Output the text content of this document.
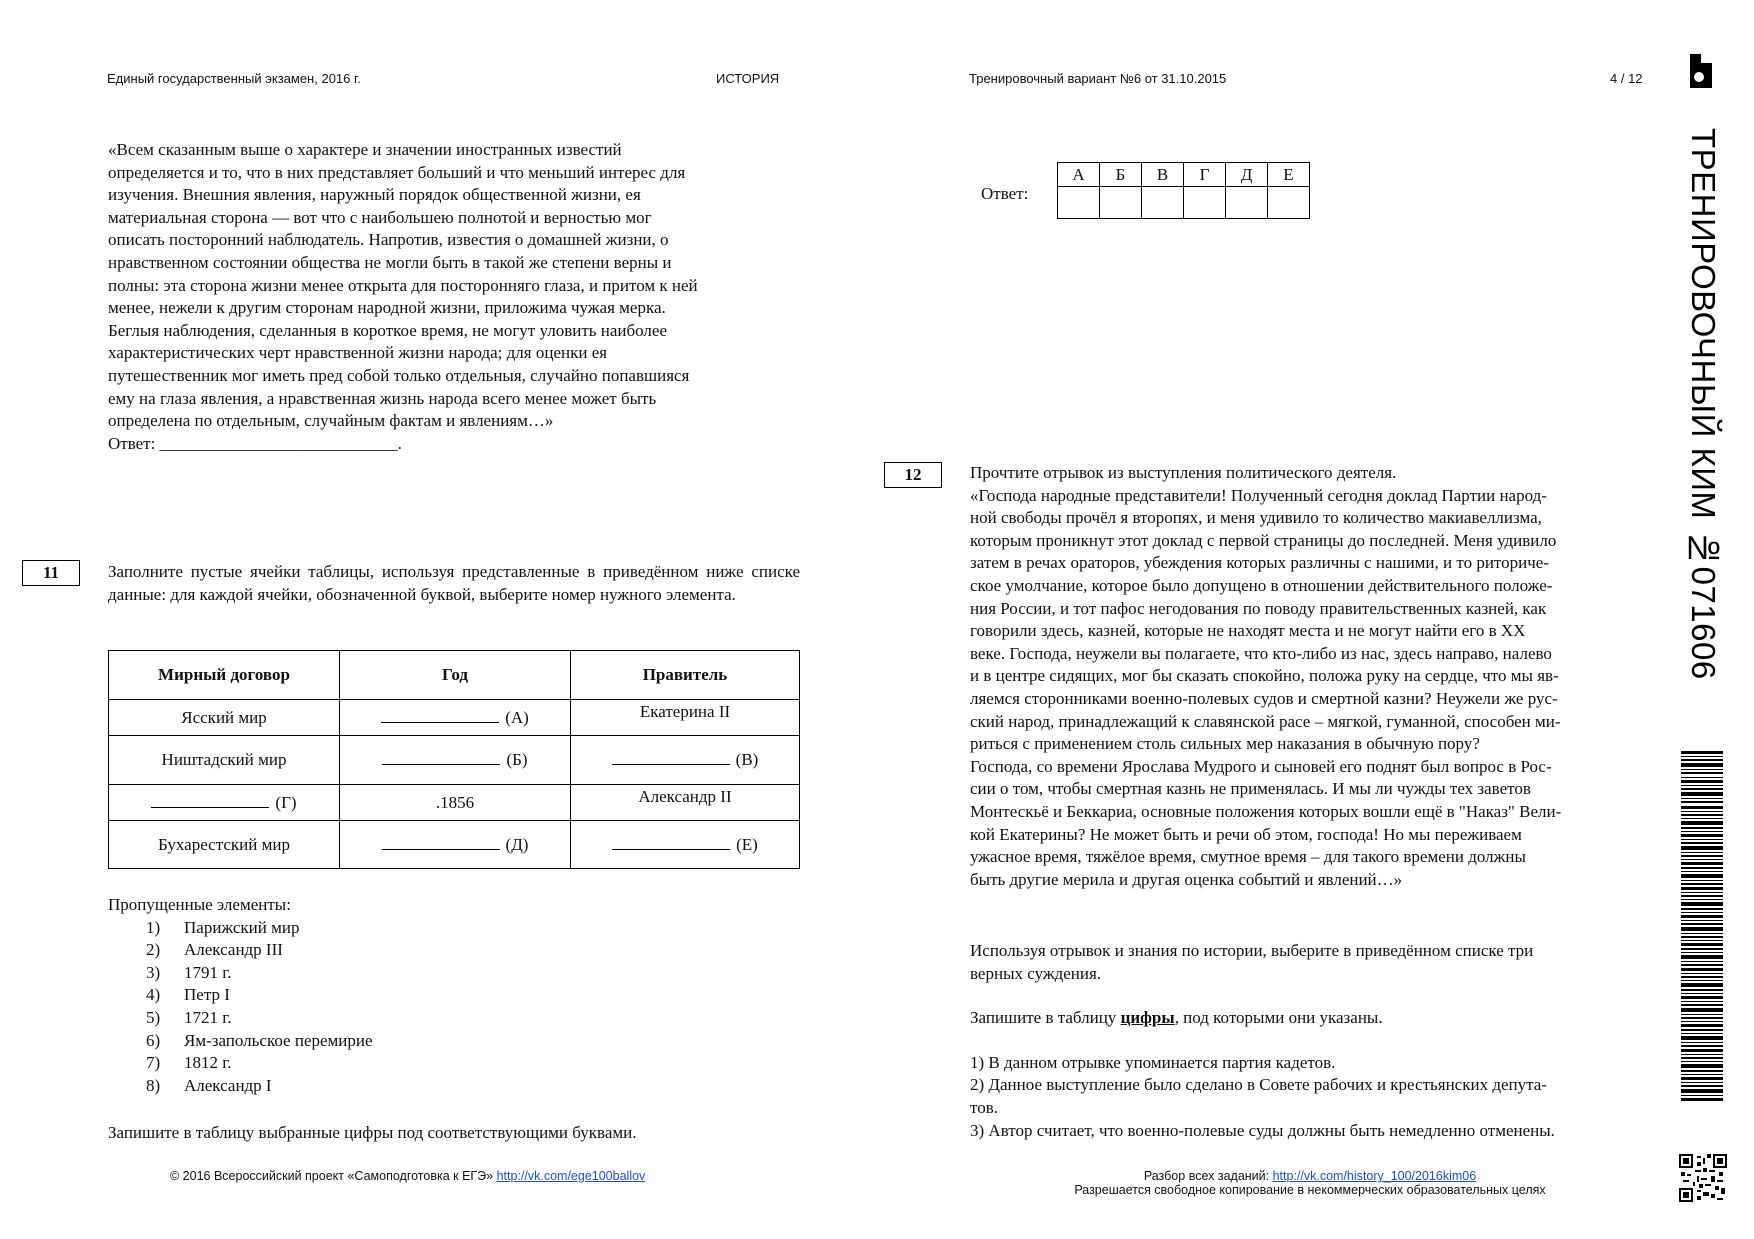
Единый государственный экзамен, 2016 г.	ИСТОРИЯ	Тренировочный вариант №6 от 31.10.2015	4 / 12
«Всем сказанным выше о характере и значении иностранных известий
определяется и то, что в них представляет больший и что меньший интерес для
изучения. Внешния явления, наружный порядок общественной жизни, ея
материальная сторона — вот что с наибольшею полнотой и верностью мог
описать посторонний наблюдатель. Напротив, известия о домашней жизни, о
нравственном состоянии общества не могли быть в такой же степени верны и
полны: эта сторона жизни менее открыта для посторонняго глаза, и притом к ней
менее, нежели к другим сторонам народной жизни, приложима чужая мерка.
Беглыя наблюдения, сделанныя в короткое время, не могут уловить наиболее
характеристических черт нравственной жизни народа; для оценки ея
путешественник мог иметь пред собой только отдельныя, случайно попавшияся
ему на глаза явления, а нравственная жизнь народа всего менее может быть
определена по отдельным, случайным фактам и явлениям…»
Ответ: ____________________________.
11	Заполните пустые ячейки таблицы, используя представленные в приведённом ниже списке данные: для каждой ячейки, обозначенной буквой, выберите номер нужного элемента.
Мирный договор	Год	Правитель
Ясский мир	(А)	Екатерина II
Ништадский мир	(Б)	(В)
(Г)	.1856	Александр II
Бухарестский мир	(Д)	(Е)
Пропущенные элементы:
1) Парижский мир
2) Александр III
3) 1791 г.
4) Петр I
5) 1721 г.
6) Ям-запольское перемирие
7) 1812 г.
8) Александр I
Запишите в таблицу выбранные цифры под соответствующими буквами.
Ответ:
А	Б	В	Г	Д	Е

12	Прочтите отрывок из выступления политического деятеля.
«Господа народные представители! Полученный сегодня доклад Партии народ-
ной свободы прочёл я второпях, и меня удивило то количество макиавеллизма,
которым проникнут этот доклад с первой страницы до последней. Меня удивило
затем в речах ораторов, убеждения которых различны с нашими, и то риториче-
ское умолчание, которое было допущено в отношении действительного положе-
ния России, и тот пафос негодования по поводу правительственных казней, как
говорили здесь, казней, которые не находят места и не могут найти его в XX
веке. Господа, неужели вы полагаете, что кто-либо из нас, здесь направо, налево
и в центре сидящих, мог бы сказать спокойно, положа руку на сердце, что мы яв-
ляемся сторонниками военно-полевых судов и смертной казни? Неужели же рус-
ский народ, принадлежащий к славянской расе – мягкой, гуманной, способен ми-
риться с применением столь сильных мер наказания в обычную пору?
Господа, со времени Ярослава Мудрого и сыновей его поднят был вопрос в Рос-
сии о том, чтобы смертная казнь не применялась. И мы ли чужды тех заветов
Монтескьё и Беккариа, основные положения которых вошли ещё в "Наказ" Вели-
кой Екатерины? Не может быть и речи об этом, господа! Но мы переживаем
ужасное время, тяжёлое время, смутное время – для такого времени должны
быть другие мерила и другая оценка событий и явлений…»
Используя отрывок и знания по истории, выберите в приведённом списке три
верных суждения.
Запишите в таблицу цифры, под которыми они указаны.
1) В данном отрывке упоминается партия кадетов.
2) Данное выступление было сделано в Совете рабочих и крестьянских депута-
тов.
3) Автор считает, что военно-полевые суды должны быть немедленно отменены.
© 2016 Всероссийский проект «Самоподготовка к ЕГЭ» http://vk.com/ege100ballov	Разбор всех заданий: http://vk.com/history_100/2016kim06
Разрешается свободное копирование в некоммерческих образовательных целях
ТРЕНИРОВОЧНЫЙ КИМ №071606
